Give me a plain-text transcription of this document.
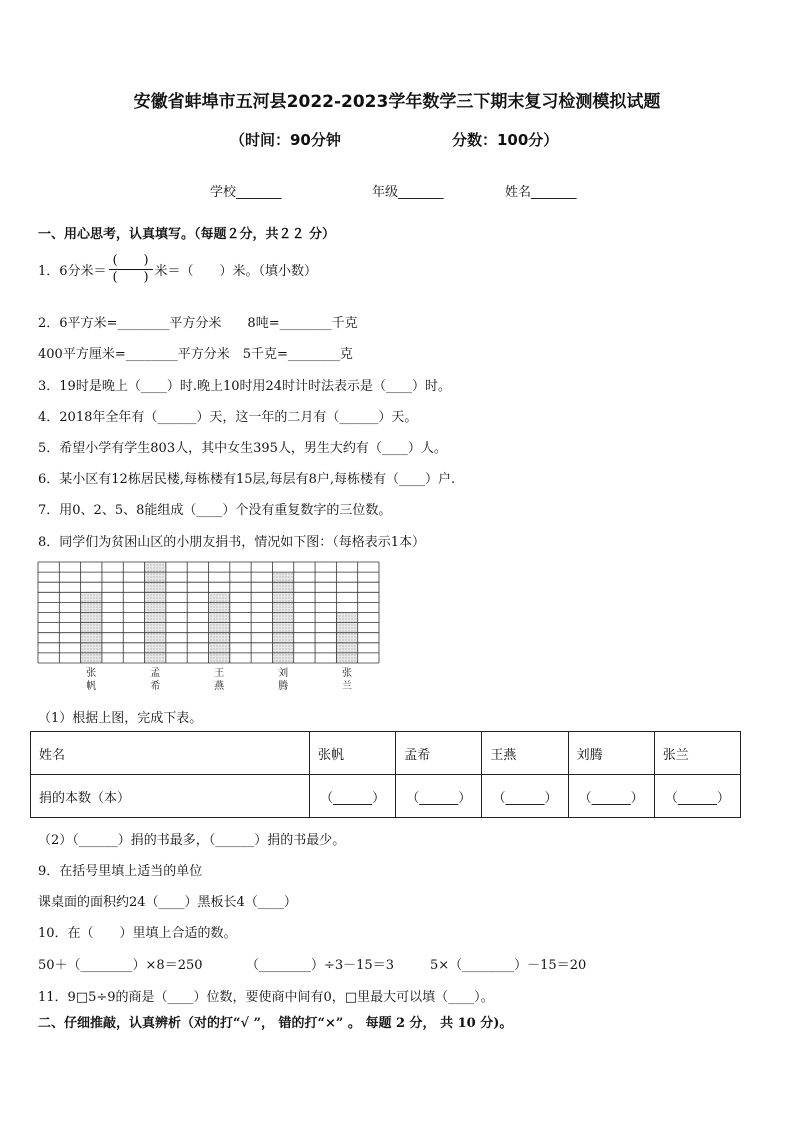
安徽省蚌埠市五河县2022-2023学年数学三下期末复习检测模拟试题
（时间：90分钟	分数：100分）
学校_______	年级_______	姓名_______
一、用心思考，认真填写。（每题２分，共２２ 分）
1．6分米＝ $\frac{( )}{( )}$ 米＝（　　）米。（填小数）
2．6平方米=________平方分米　　8吨=________千克
400平方厘米=________平方分米　5千克=________克
3．19时是晚上（____）时.晚上10时用24时计时法表示是（____）时。
4．2018年全年有（______）天，这一年的二月有（______）天。
5．希望小学有学生803人，其中女生395人，男生大约有（____）人。
6．某小区有12栋居民楼,每栋楼有15层,每层有8户,每栋楼有（____）户.
7．用0、2、5、8能组成（____）个没有重复数字的三位数。
8．同学们为贫困山区的小朋友捐书，情况如下图：（每格表示1本）
张
帆
孟
希
王
燕
刘
腾
张
兰
（1）根据上图，完成下表。
姓名	张帆	孟希	王燕	刘腾	张兰
捐的本数（本）	（______）	（______）	（______）	（______）	（______）
（2）（______）捐的书最多，（______）捐的书最少。
9．在括号里填上适当的单位
课桌面的面积约24（____）黑板长4（____）
10．在（　　）里填上合适的数。
50＋（________）×8＝250	（________）÷3－15＝3	5×（________）－15＝20
11．9□5÷9的商是（____）位数，要使商中间有0，□里最大可以填（____）。
二、仔细推敲，认真辨析（对的打“√ ”， 错的打“×” 。 每题 2 分， 共 10 分)。
